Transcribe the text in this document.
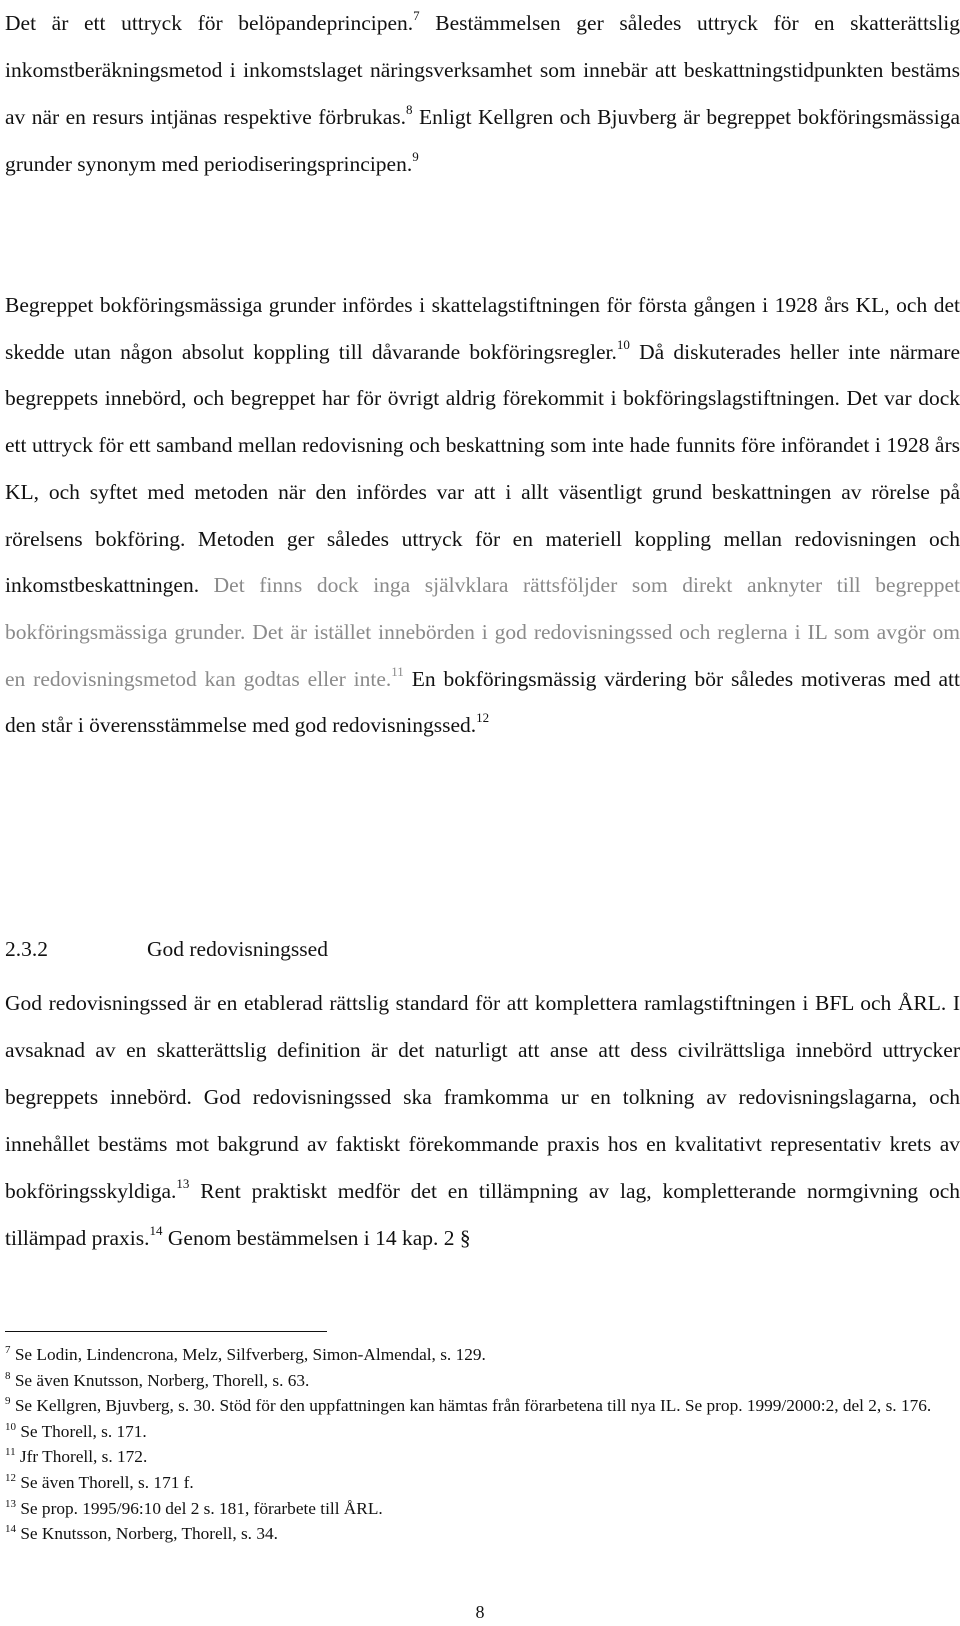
Det är ett uttryck för belöpandeprincipen.$^7$ Bestämmelsen ger således uttryck för en skatterättslig inkomstberäkningsmetod i inkomstslaget näringsverksamhet som innebär att beskattningstidpunkten bestäms av när en resurs intjänas respektive förbrukas.$^8$ Enligt Kellgren och Bjuvberg är begreppet bokföringsmässiga grunder synonym med periodiseringsprincipen.$^9$

Begreppet bokföringsmässiga grunder infördes i skattelagstiftningen för första gången i 1928 års KL, och det skedde utan någon absolut koppling till dåvarande bokföringsregler.$^{10}$ Då diskuterades heller inte närmare begreppets innebörd, och begreppet har för övrigt aldrig förekommit i bokföringslagstiftningen. Det var dock ett uttryck för ett samband mellan redovisning och beskattning som inte hade funnits före införandet i 1928 års KL, och syftet med metoden när den infördes var att i allt väsentligt grund beskattningen av rörelse på rörelsens bokföring. Metoden ger således uttryck för en materiell koppling mellan redovisningen och inkomstbeskattningen. Det finns dock inga självklara rättsföljder som direkt anknyter till begreppet bokföringsmässiga grunder. Det är istället innebörden i god redovisningssed och reglerna i IL som avgör om en redovisningsmetod kan godtas eller inte.$^{11}$ En bokföringsmässig värdering bör således motiveras med att den står i överensstämmelse med god redovisningssed.$^{12}$

2.3.2	God redovisningssed

God redovisningssed är en etablerad rättslig standard för att komplettera ramlagstiftningen i BFL och ÅRL. I avsaknad av en skatterättslig definition är det naturligt att anse att dess civilrättsliga innebörd uttrycker begreppets innebörd. God redovisningssed ska framkomma ur en tolkning av redovisningslagarna, och innehållet bestäms mot bakgrund av faktiskt förekommande praxis hos en kvalitativt representativ krets av bokföringsskyldiga.$^{13}$ Rent praktiskt medför det en tillämpning av lag, kompletterande normgivning och tillämpad praxis.$^{14}$ Genom bestämmelsen i 14 kap. 2 §

$^7$ Se Lodin, Lindencrona, Melz, Silfverberg, Simon-Almendal, s. 129.

$^8$ Se även Knutsson, Norberg, Thorell, s. 63.

$^9$ Se Kellgren, Bjuvberg, s. 30. Stöd för den uppfattningen kan hämtas från förarbetena till nya IL. Se prop. 1999/2000:2, del 2, s. 176.

$^{10}$ Se Thorell, s. 171.

$^{11}$ Jfr Thorell, s. 172.

$^{12}$ Se även Thorell, s. 171 f.

$^{13}$ Se prop. 1995/96:10 del 2 s. 181, förarbete till ÅRL.

$^{14}$ Se Knutsson, Norberg, Thorell, s. 34.

8
